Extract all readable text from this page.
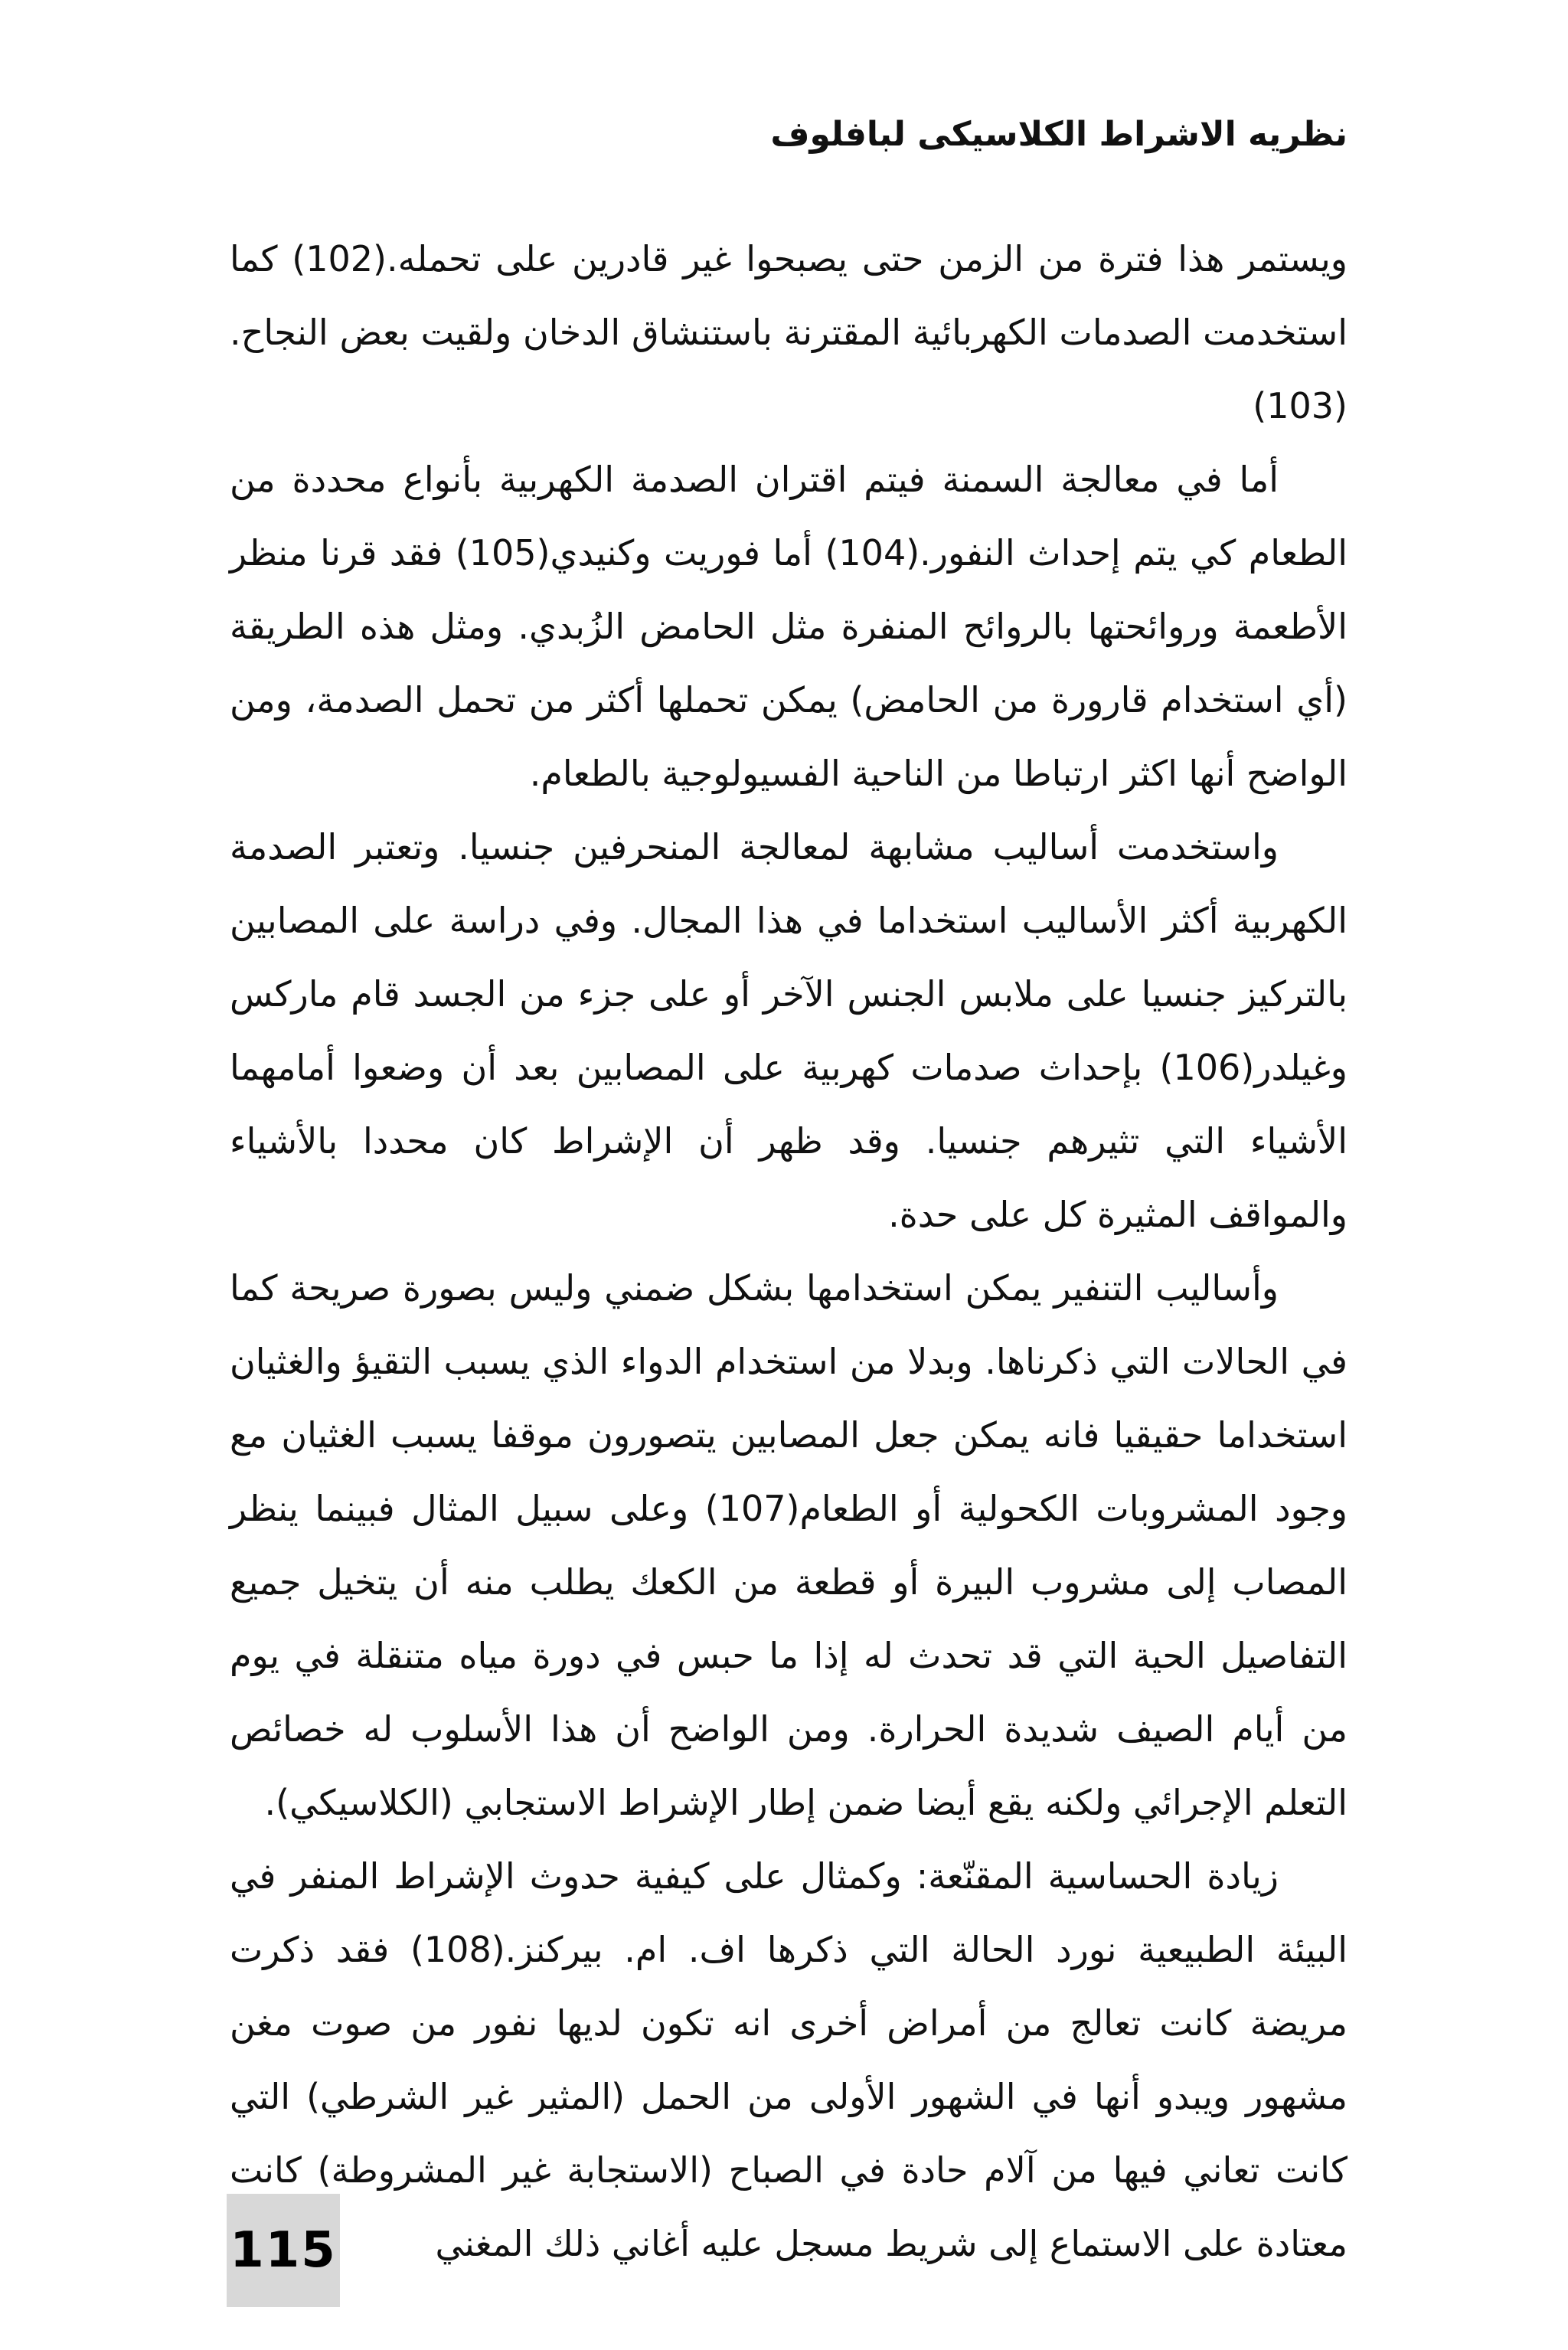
نظريه الاشراط الكلاسيكى لبافلوف

ويستمر هذا فترة من الزمن حتى يصبحوا غير قادرين على تحمله.(102) كما استخدمت الصدمات الكهربائية المقترنة باستنشاق الدخان ولقيت بعض النجاح.(103)

أما في معالجة السمنة فيتم اقتران الصدمة الكهربية بأنواع محددة من الطعام كي يتم إحداث النفور.(104) أما فوريت وكنيدي(105) فقد قرنا منظر الأطعمة وروائحتها بالروائح المنفرة مثل الحامض الزُبدي. ومثل هذه الطريقة (أي استخدام قارورة من الحامض) يمكن تحملها أكثر من تحمل الصدمة، ومن الواضح أنها اكثر ارتباطا من الناحية الفسيولوجية بالطعام.

واستخدمت أساليب مشابهة لمعالجة المنحرفين جنسيا. وتعتبر الصدمة الكهربية أكثر الأساليب استخداما في هذا المجال. وفي دراسة على المصابين بالتركيز جنسيا على ملابس الجنس الآخر أو على جزء من الجسد قام ماركس وغيلدر(106) بإحداث صدمات كهربية على المصابين بعد أن وضعوا أمامهما الأشياء التي تثيرهم جنسيا. وقد ظهر أن الإشراط كان محددا بالأشياء والمواقف المثيرة كل على حدة.

وأساليب التنفير يمكن استخدامها بشكل ضمني وليس بصورة صريحة كما في الحالات التي ذكرناها. وبدلا من استخدام الدواء الذي يسبب التقيؤ والغثيان استخداما حقيقيا فانه يمكن جعل المصابين يتصورون موقفا يسبب الغثيان مع وجود المشروبات الكحولية أو الطعام(107) وعلى سبيل المثال فبينما ينظر المصاب إلى مشروب البيرة أو قطعة من الكعك يطلب منه أن يتخيل جميع التفاصيل الحية التي قد تحدث له إذا ما حبس في دورة مياه متنقلة في يوم من أيام الصيف شديدة الحرارة. ومن الواضح أن هذا الأسلوب له خصائص التعلم الإجرائي ولكنه يقع أيضا ضمن إطار الإشراط الاستجابي (الكلاسيكي).

زيادة الحساسية المقنّعة: وكمثال على كيفية حدوث الإشراط المنفر في البيئة الطبيعية نورد الحالة التي ذكرها اف. ام. بيركنز.(108) فقد ذكرت مريضة كانت تعالج من أمراض أخرى انه تكون لديها نفور من صوت مغن مشهور ويبدو أنها في الشهور الأولى من الحمل (المثير غير الشرطي) التي كانت تعاني فيها من آلام حادة في الصباح (الاستجابة غير المشروطة) كانت معتادة على الاستماع إلى شريط مسجل عليه أغاني ذلك المغني

115
